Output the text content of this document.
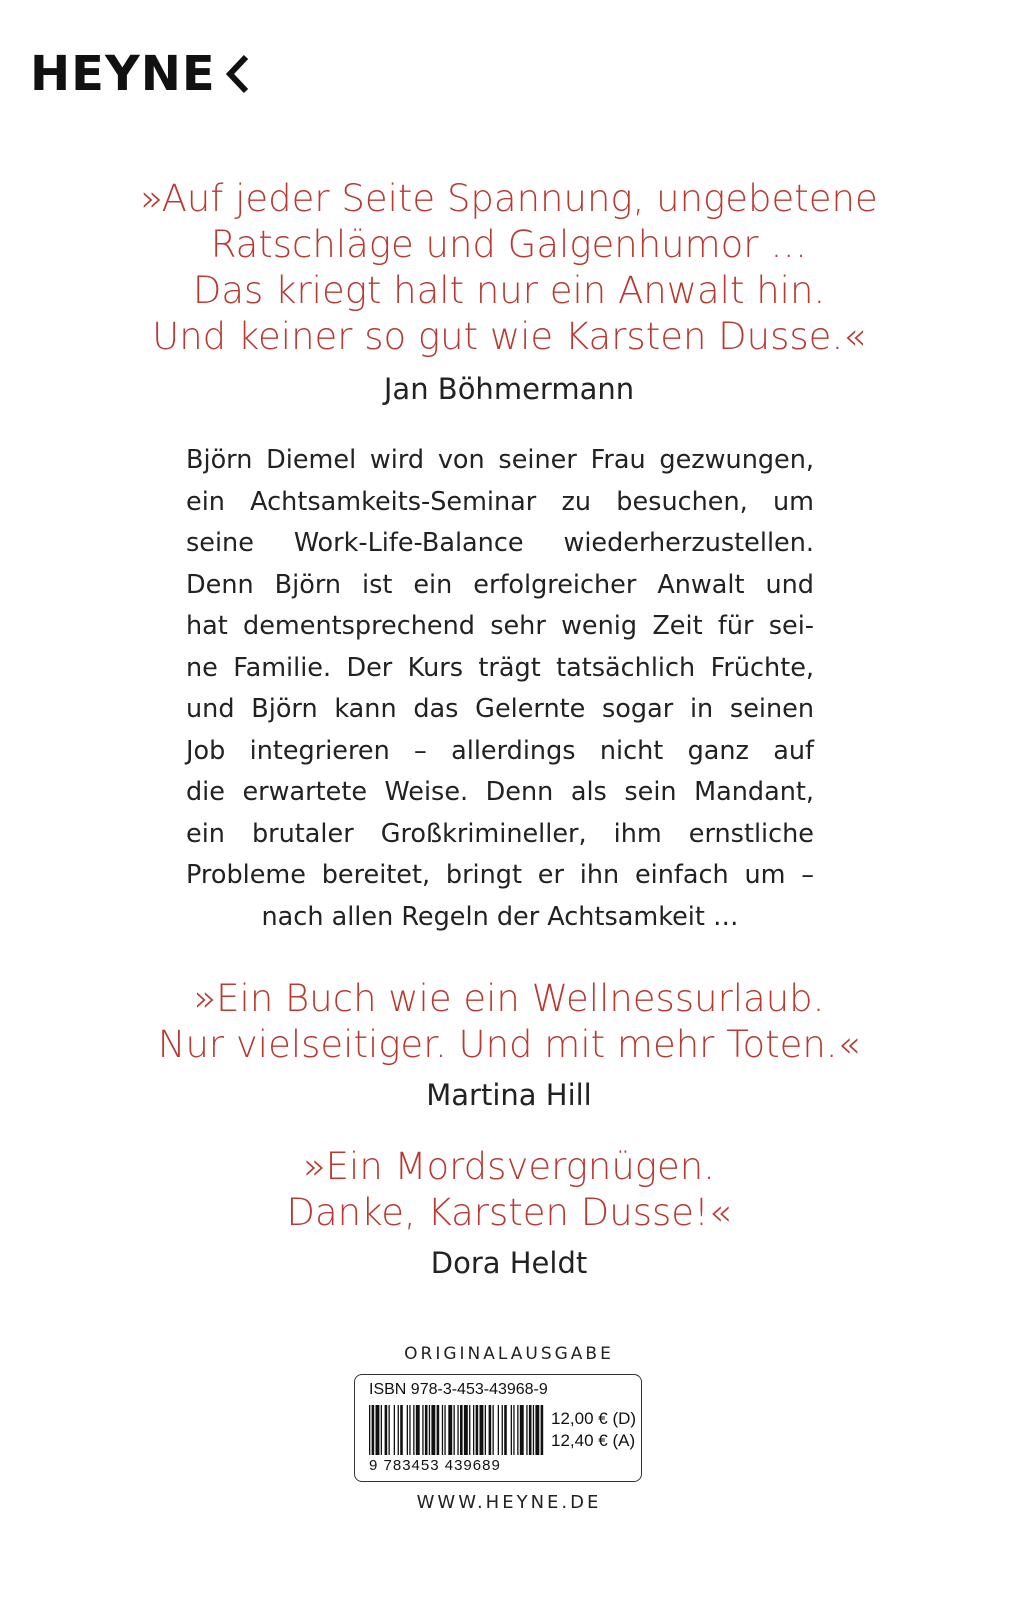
HEYNE
»Auf jeder Seite Spannung, ungebetene
Ratschläge und Galgenhumor …
Das kriegt halt nur ein Anwalt hin.
Und keiner so gut wie Karsten Dusse.«
Jan Böhmermann
Björn Diemel wird von seiner Frau gezwungen,
ein Achtsamkeits-Seminar zu besuchen, um
seine Work-Life-Balance wiederherzustellen.
Denn Björn ist ein erfolgreicher Anwalt und
hat dementsprechend sehr wenig Zeit für sei-
ne Familie. Der Kurs trägt tatsächlich Früchte,
und Björn kann das Gelernte sogar in seinen
Job integrieren – allerdings nicht ganz auf
die erwartete Weise. Denn als sein Mandant,
ein brutaler Großkrimineller, ihm ernstliche
Probleme bereitet, bringt er ihn einfach um –
nach allen Regeln der Achtsamkeit …
»Ein Buch wie ein Wellnessurlaub.
Nur vielseitiger. Und mit mehr Toten.«
Martina Hill
»Ein Mordsvergnügen.
Danke, Karsten Dusse!«
Dora Heldt
ORIGINALAUSGABE
ISBN 978-3-453-43968-9
9 783453 439689
12,00 € (D)
12,40 € (A)
WWW.HEYNE.DE
